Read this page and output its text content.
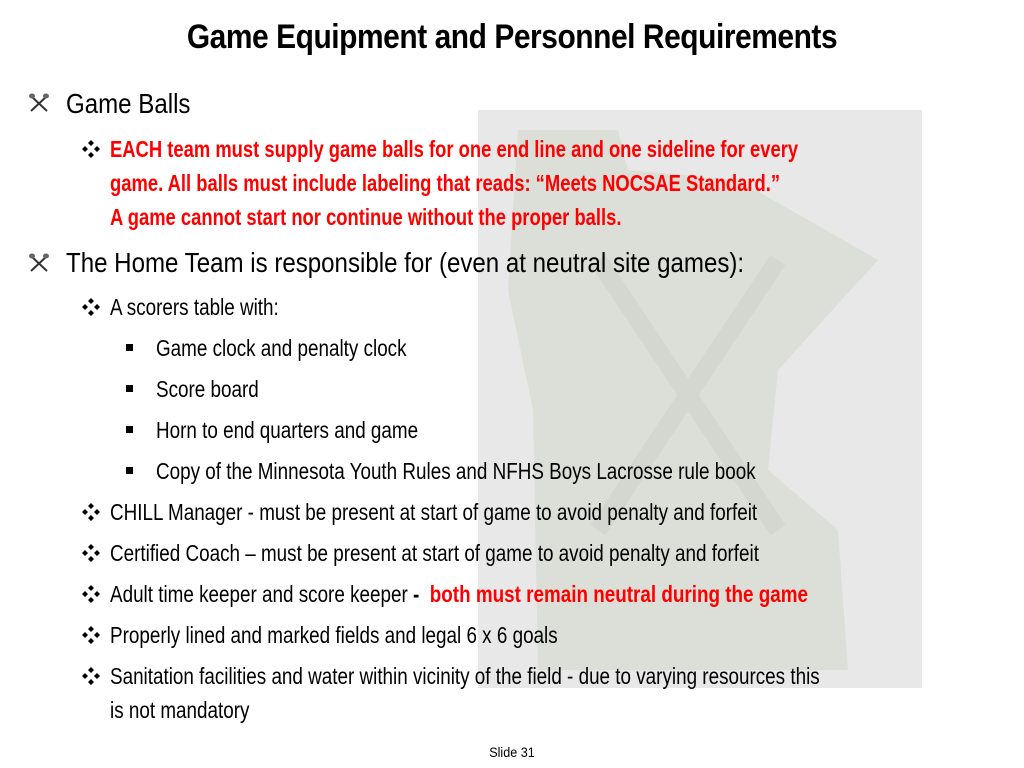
Game Equipment and Personnel Requirements
Game Balls
EACH team must supply game balls for one end line and one sideline for every
game. All balls must include labeling that reads: “Meets NOCSAE Standard.”
A game cannot start nor continue without the proper balls.
The Home Team is responsible for (even at neutral site games):
A scorers table with:
Game clock and penalty clock
Score board
Horn to end quarters and game
Copy of the Minnesota Youth Rules and NFHS Boys Lacrosse rule book
CHILL Manager - must be present at start of game to avoid penalty and forfeit
Certified Coach – must be present at start of game to avoid penalty and forfeit
Adult time keeper and score keeper -  both must remain neutral during the game
Properly lined and marked fields and legal 6 x 6 goals
Sanitation facilities and water within vicinity of the field - due to varying resources this
is not mandatory
Slide 31
